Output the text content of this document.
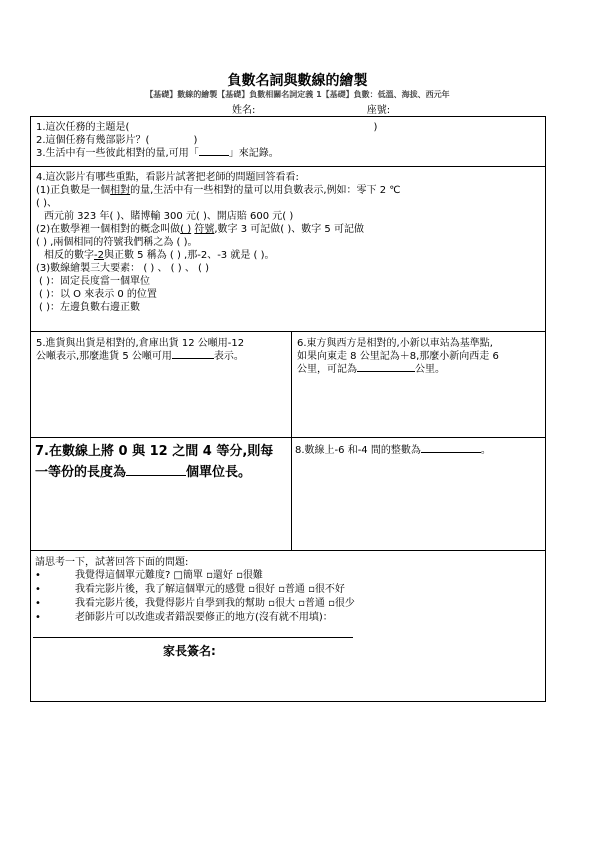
負數名詞與數線的繪製
【基礎】數線的繪製【基礎】負數相關名詞定義 1【基礎】負數：低溫、海拔、西元年
姓名:	座號:
1.這次任務的主題是(	)
2.這個任務有幾部影片？(	)
3.生活中有一些彼此相對的量,可用「	」來記錄。
4.這次影片有哪些重點，看影片試著把老師的問題回答看看:
(1)正負數是一個相對的量,生活中有一些相對的量可以用負數表示,例如：零下 2 ℃
( )、
西元前 323 年( )、賭博輸 300 元( )、開店賠 600 元( )
(2)在數學裡一個相對的概念叫做( ) 符號,數字 3 可記做( )、數字 5 可記做
( ) ,兩個相同的符號我們稱之為 ( )。
相反的數字-2與正數 5 稱為 ( ) ,那-2、-3 就是 ( )。
(3)數線繪製三大要素： ( ) 、 ( ) 、 ( )
( )：固定長度當一個單位
( )：以 O 來表示 0 的位置
( )：左邊負數右邊正數
5.進貨與出貨是相對的,倉庫出貨 12 公噸用-12
公噸表示,那麼進貨 5 公噸可用	表示。
6.東方與西方是相對的,小新以車站為基準點,
如果向東走 8 公里記為＋8,那麼小新向西走 6
公里，可記為	公里。
7.在數線上將 0 與 12 之間 4 等分,則每
一等份的長度為	個單位長。
8.數線上-6 和-4 間的整數為	。
請思考一下，試著回答下面的問題:
•	我覺得這個單元難度? □簡單 ▫還好 ▫很難
•	我看完影片後，我了解這個單元的感覺 ▫很好 ▫普通 ▫很不好
•	我看完影片後，我覺得影片自學到我的幫助 ▫很大 ▫普通 ▫很少
•	老師影片可以改進或者錯誤要修正的地方(沒有就不用填)：
家長簽名:
